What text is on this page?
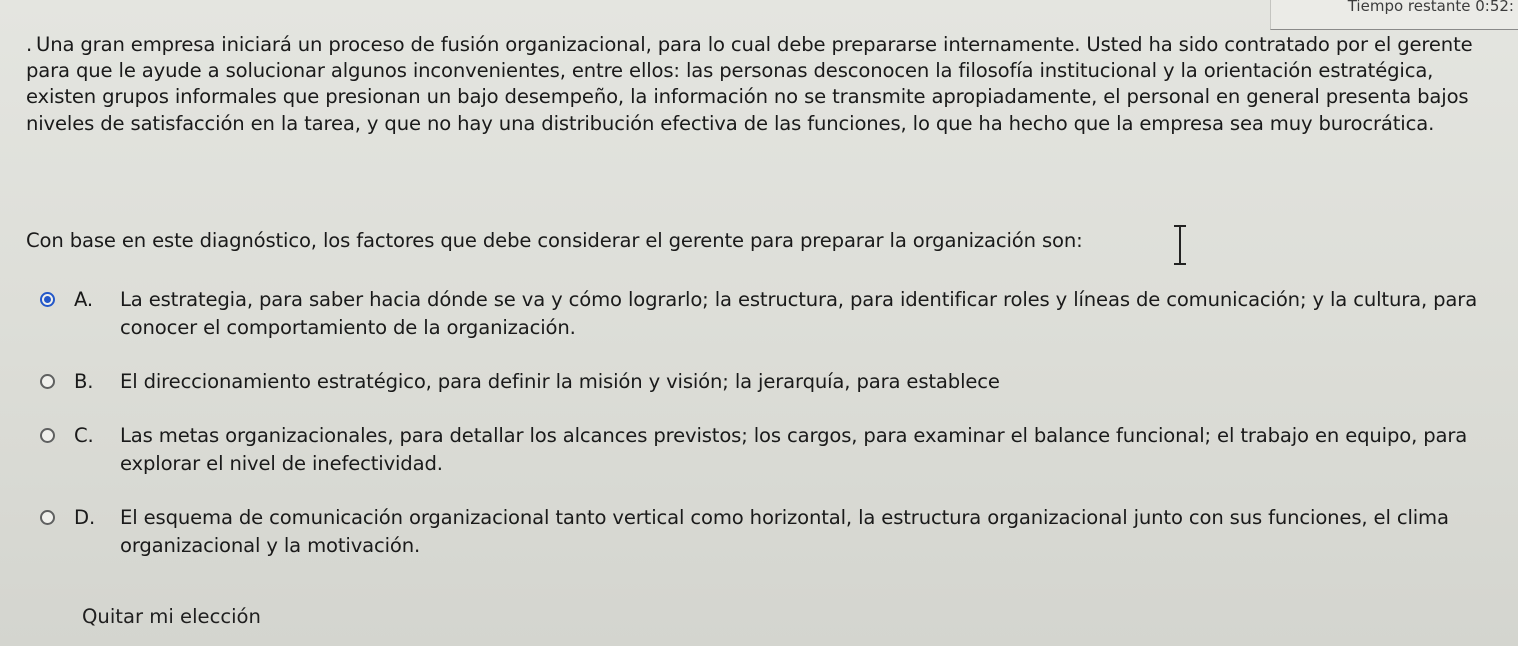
Tiempo restante 0:52:
. Una gran empresa iniciará un proceso de fusión organizacional, para lo cual debe prepararse internamente. Usted ha sido contratado por el gerente para que le ayude a solucionar algunos inconvenientes, entre ellos: las personas desconocen la filosofía institucional y la orientación estratégica, existen grupos informales que presionan un bajo desempeño, la información no se transmite apropiadamente, el personal en general presenta bajos niveles de satisfacción en la tarea, y que no hay una distribución efectiva de las funciones, lo que ha hecho que la empresa sea muy burocrática.
Con base en este diagnóstico, los factores que debe considerar el gerente para preparar la organización son:
A. La estrategia, para saber hacia dónde se va y cómo lograrlo; la estructura, para identificar roles y líneas de comunicación; y la cultura, para conocer el comportamiento de la organización.
B. El direccionamiento estratégico, para definir la misión y visión; la jerarquía, para establece
C. Las metas organizacionales, para detallar los alcances previstos; los cargos, para examinar el balance funcional; el trabajo en equipo, para explorar el nivel de inefectividad.
D. El esquema de comunicación organizacional tanto vertical como horizontal, la estructura organizacional junto con sus funciones, el clima organizacional y la motivación.
Quitar mi elección
